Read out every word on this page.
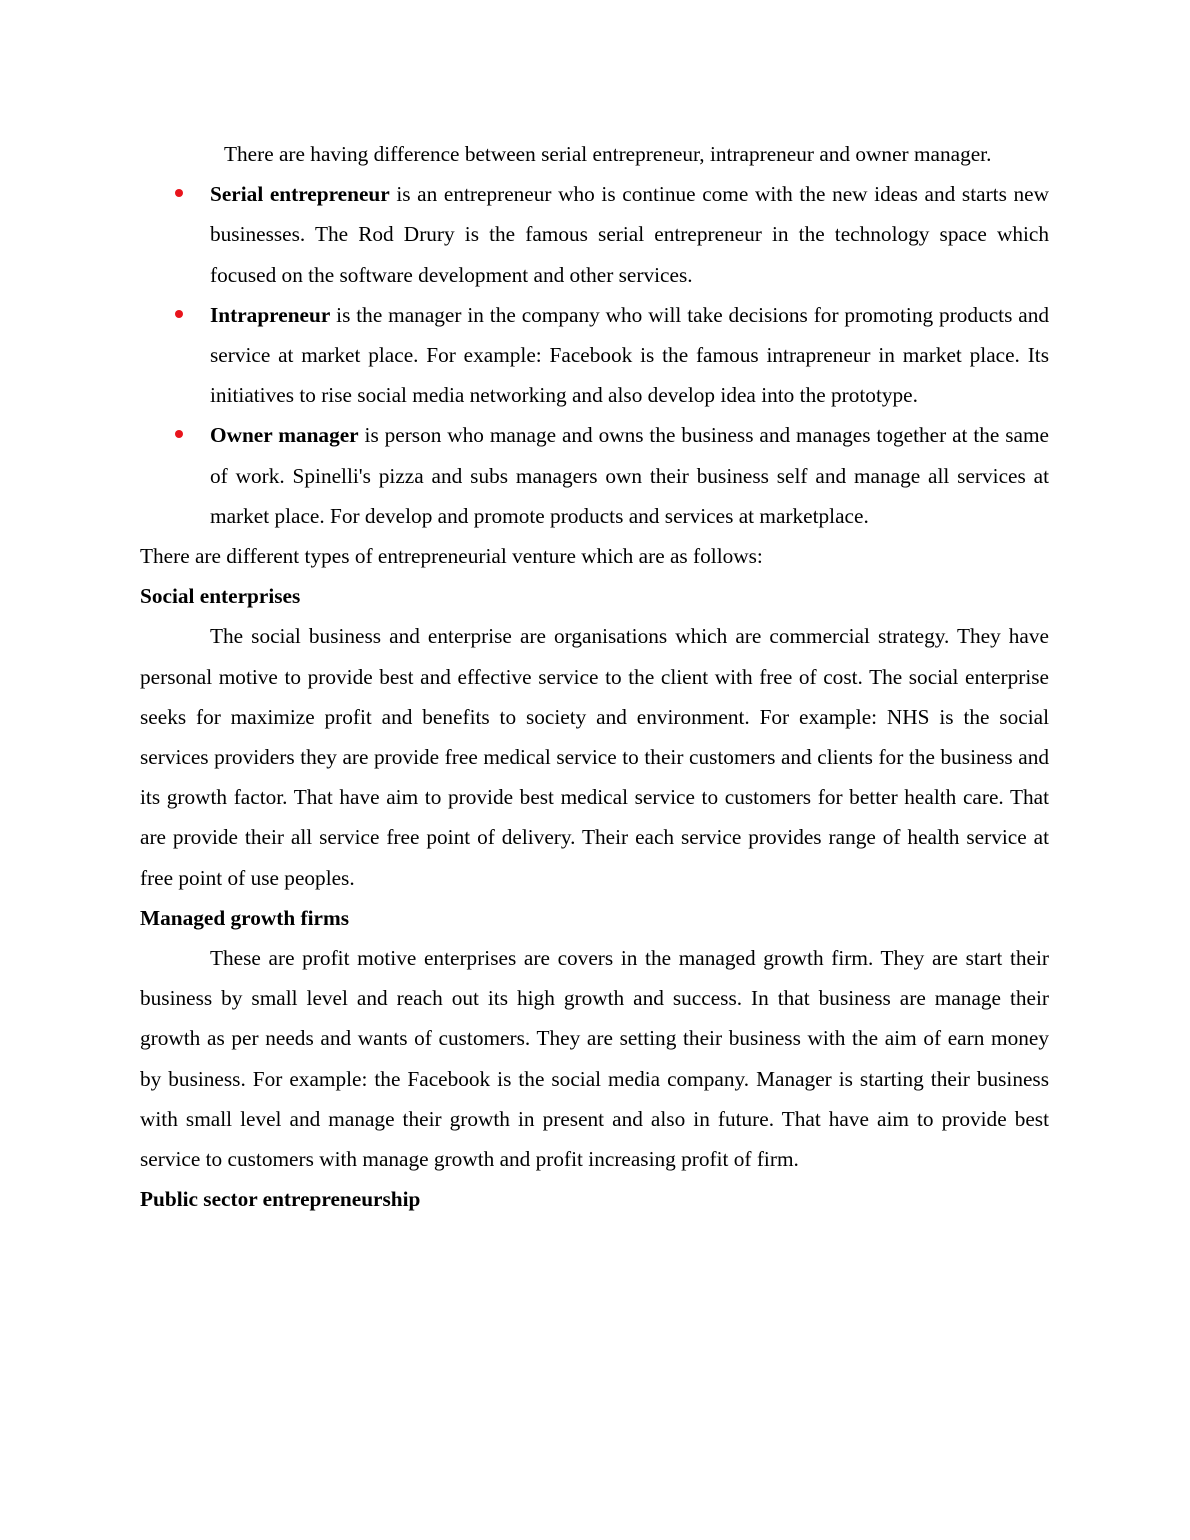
There are having difference between serial entrepreneur, intrapreneur and owner manager.

Serial entrepreneur is an entrepreneur who is continue come with the new ideas and starts new businesses. The Rod Drury is the famous serial entrepreneur in the technology space which focused on the software development and other services.
Intrapreneur is the manager in the company who will take decisions for promoting products and service at market place. For example: Facebook is the famous intrapreneur in market place. Its initiatives to rise social media networking and also develop idea into the prototype.
Owner manager is person who manage and owns the business and manages together at the same of work. Spinelli's pizza and subs managers own their business self and manage all services at market place. For develop and promote products and services at marketplace.

There are different types of entrepreneurial venture which are as follows:

Social enterprises

The social business and enterprise are organisations which are commercial strategy. They have personal motive to provide best and effective service to the client with free of cost. The social enterprise seeks for maximize profit and benefits to society and environment. For example: NHS is the social services providers they are provide free medical service to their customers and clients for the business and its growth factor. That have aim to provide best medical service to customers for better health care. That are provide their all service free point of delivery. Their each service provides range of health service at free point of use peoples.

Managed growth firms

These are profit motive enterprises are covers in the managed growth firm. They are start their business by small level and reach out its high growth and success. In that business are manage their growth as per needs and wants of customers. They are setting their business with the aim of earn money by business. For example: the Facebook is the social media company. Manager is starting their business with small level and manage their growth in present and also in future. That have aim to provide best service to customers with manage growth and profit increasing profit of firm.

Public sector entrepreneurship
